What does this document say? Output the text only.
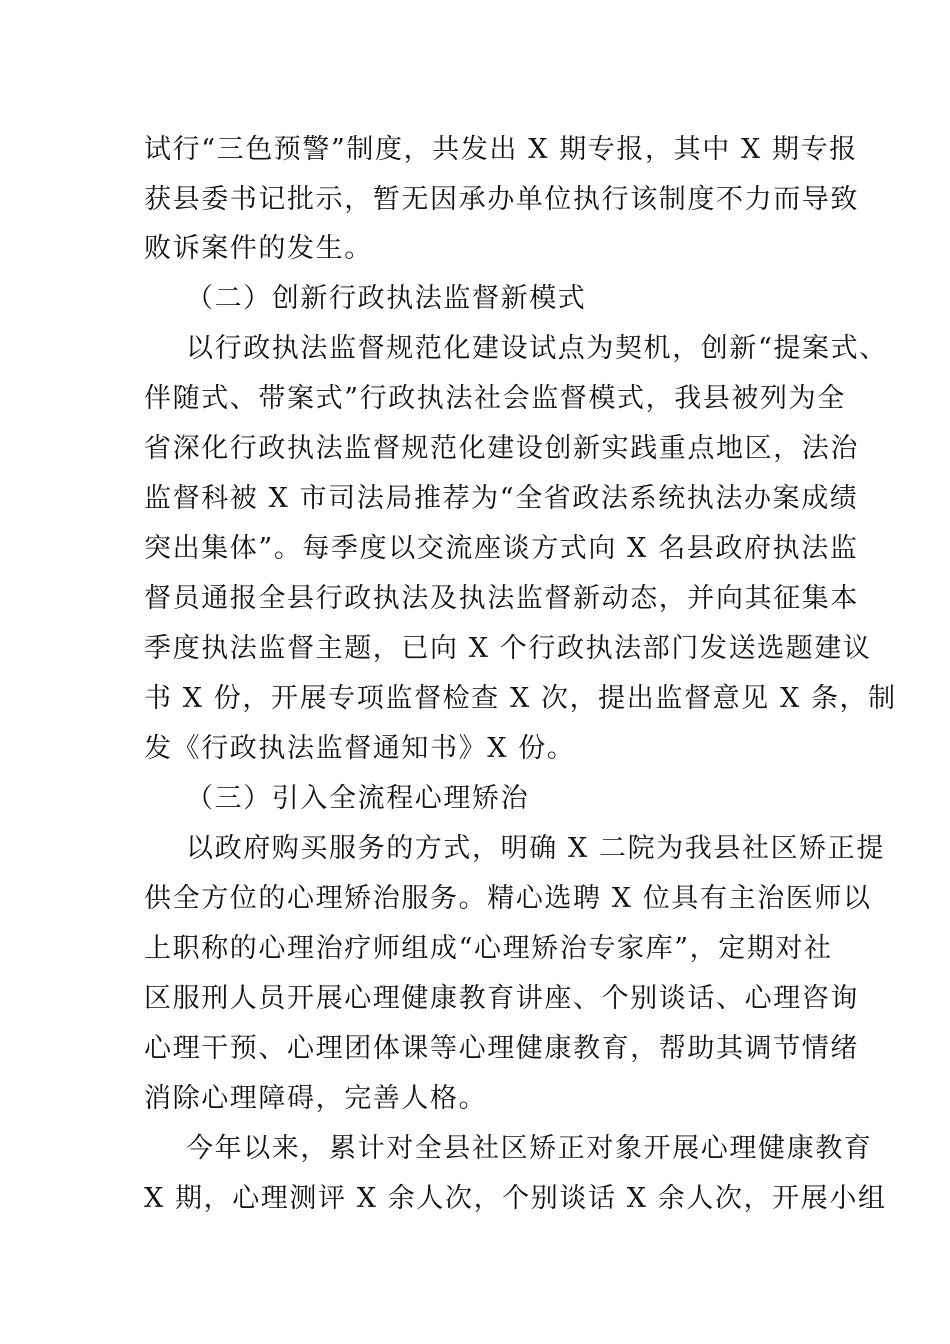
试行“三色预警”制度，共发出 X 期专报，其中 X 期专报
获县委书记批示，暂无因承办单位执行该制度不力而导致
败诉案件的发生。
（二）创新行政执法监督新模式
以行政执法监督规范化建设试点为契机，创新“提案式、
伴随式、带案式”行政执法社会监督模式，我县被列为全
省深化行政执法监督规范化建设创新实践重点地区，法治
监督科被 X 市司法局推荐为“全省政法系统执法办案成绩
突出集体”。每季度以交流座谈方式向 X 名县政府执法监
督员通报全县行政执法及执法监督新动态，并向其征集本
季度执法监督主题，已向 X 个行政执法部门发送选题建议
书 X 份，开展专项监督检查 X 次，提出监督意见 X 条，制
发《行政执法监督通知书》X 份。
（三）引入全流程心理矫治
以政府购买服务的方式，明确 X 二院为我县社区矫正提
供全方位的心理矫治服务。精心选聘 X 位具有主治医师以
上职称的心理治疗师组成“心理矫治专家库”，定期对社
区服刑人员开展心理健康教育讲座、个别谈话、心理咨询
心理干预、心理团体课等心理健康教育，帮助其调节情绪
消除心理障碍，完善人格。
今年以来，累计对全县社区矫正对象开展心理健康教育
X 期，心理测评 X 余人次，个别谈话 X 余人次，开展小组
